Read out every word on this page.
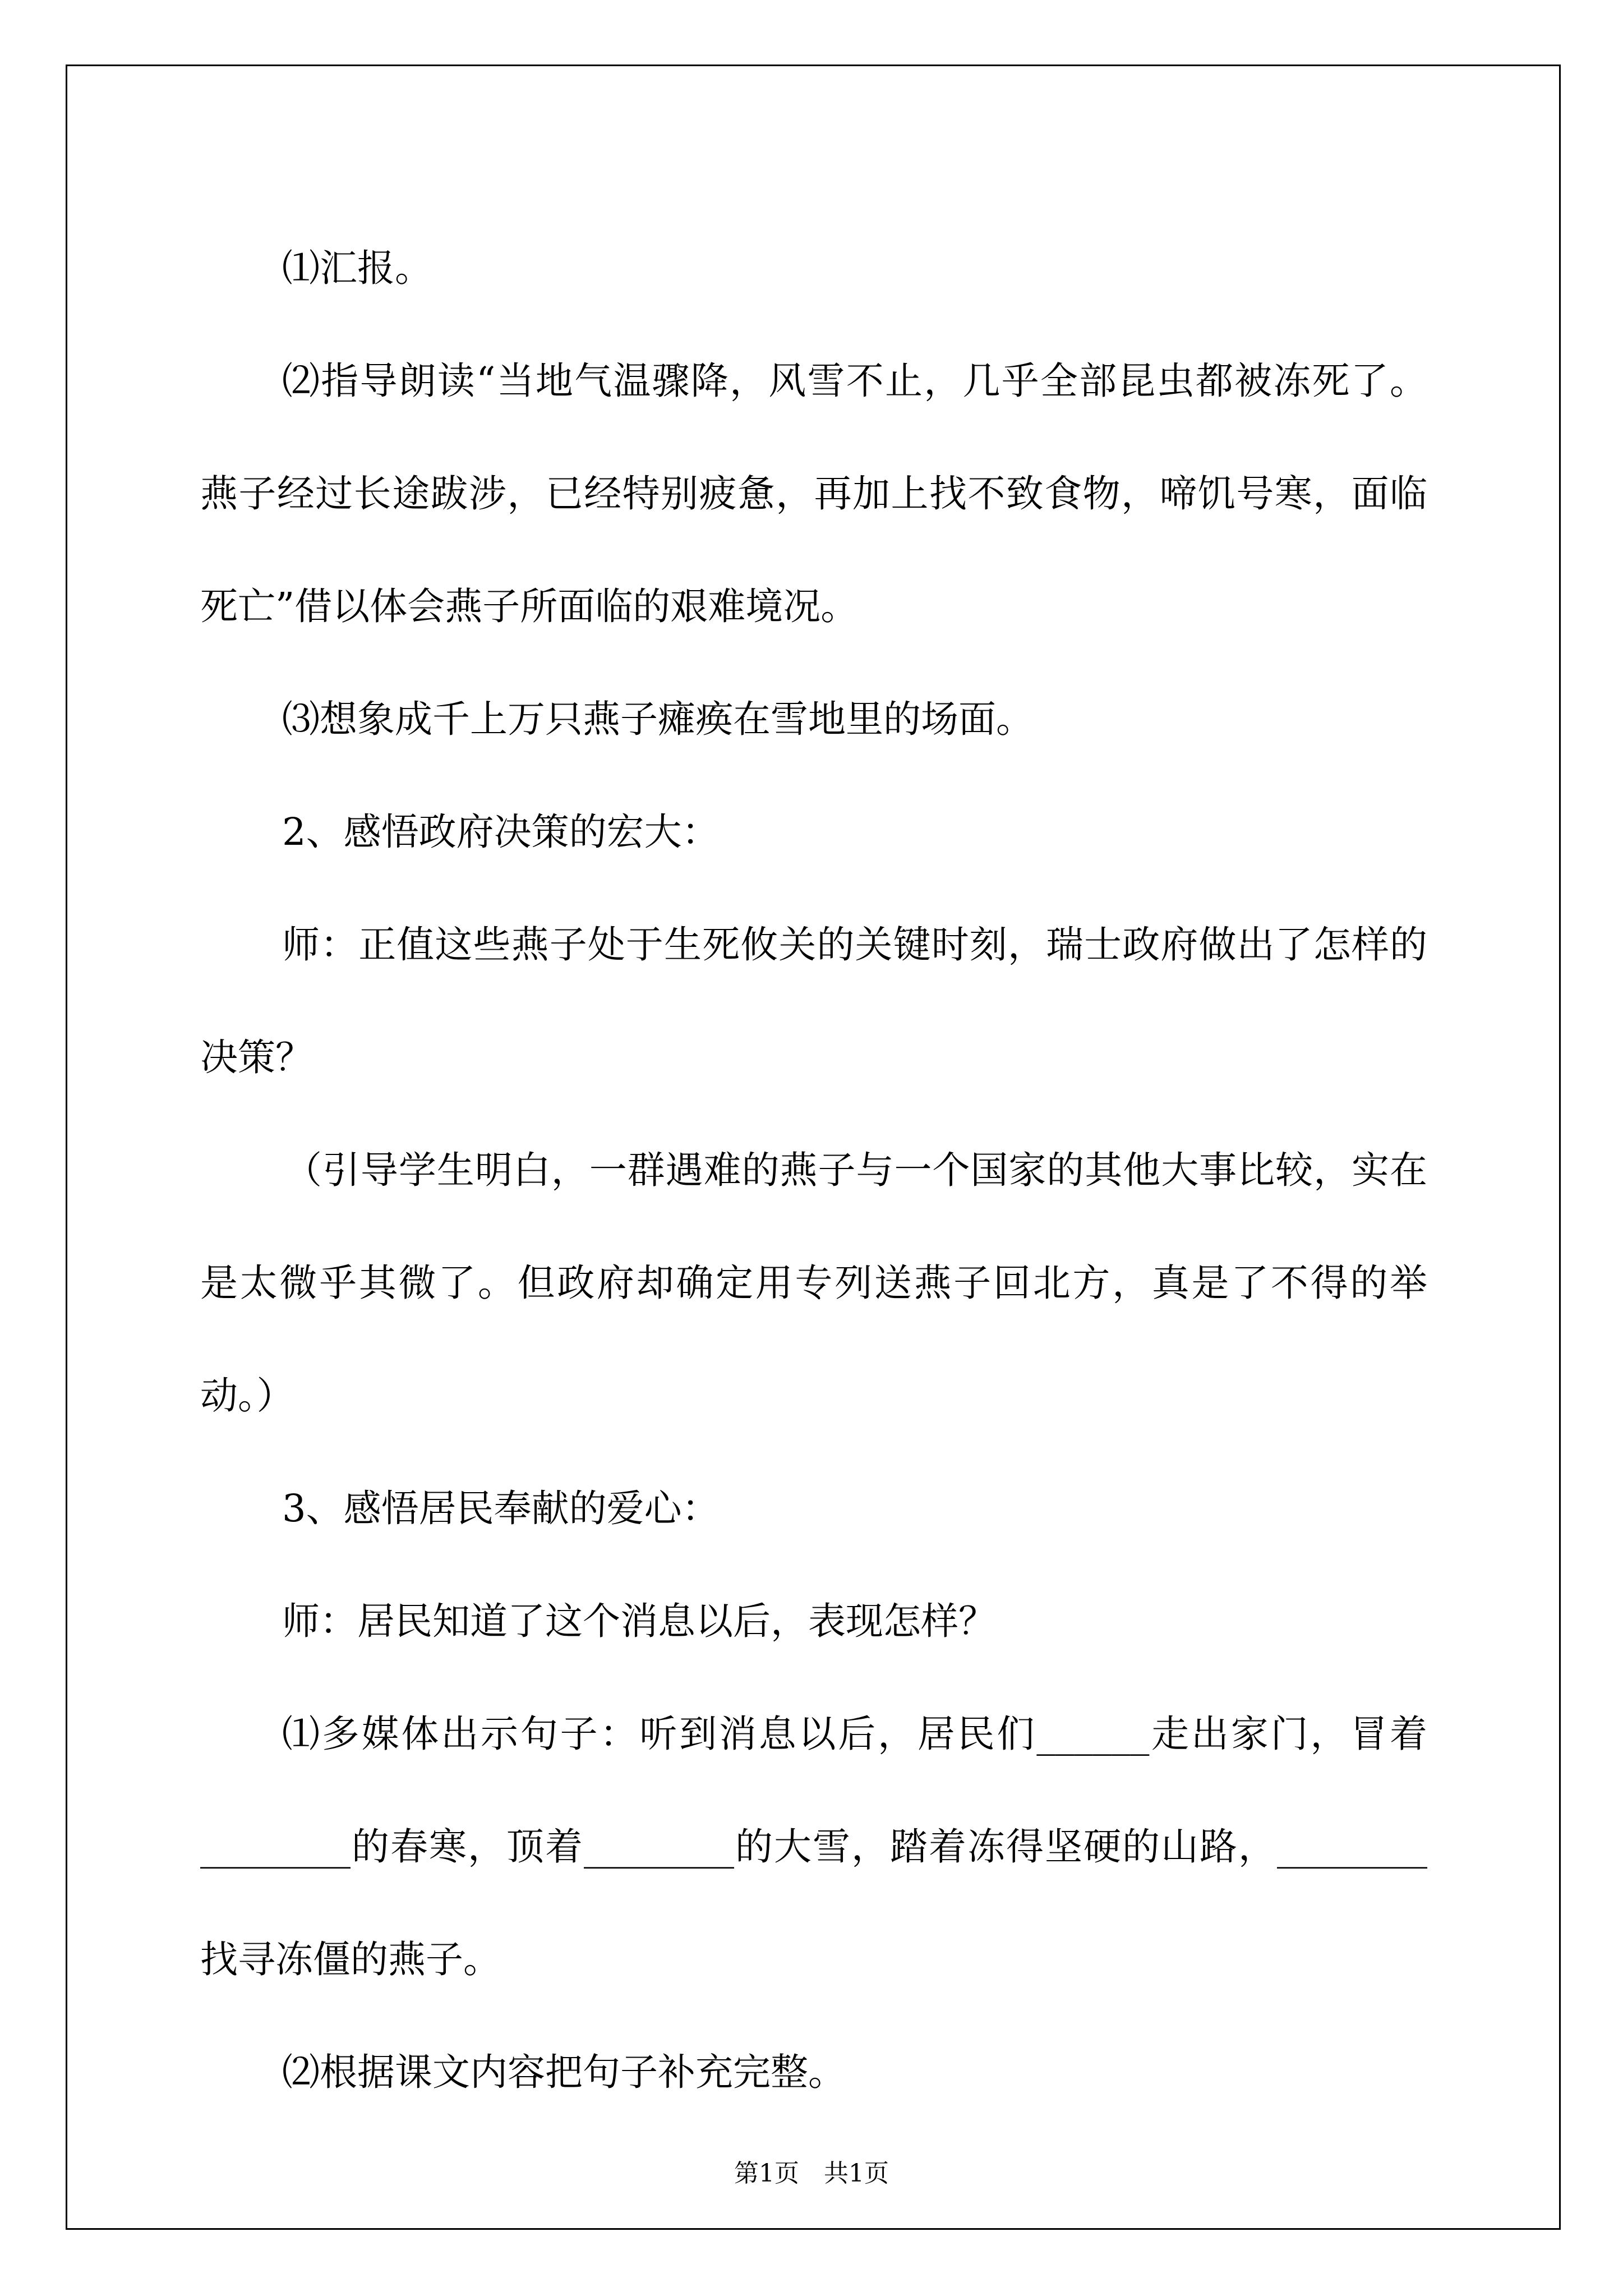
⑴汇报。

⑵指导朗读“当地气温骤降，风雪不止，几乎全部昆虫都被冻死了。燕子经过长途跋涉，已经特别疲惫，再加上找不致食物，啼饥号寒，面临死亡”借以体会燕子所面临的艰难境况。

⑶想象成千上万只燕子瘫痪在雪地里的场面。

2、感悟政府决策的宏大：

师：正值这些燕子处于生死攸关的关键时刻，瑞士政府做出了怎样的决策？

（引导学生明白，一群遇难的燕子与一个国家的其他大事比较，实在是太微乎其微了。但政府却确定用专列送燕子回北方，真是了不得的举动。）

3、感悟居民奉献的爱心：

师：居民知道了这个消息以后，表现怎样？

⑴多媒体出示句子：听到消息以后，居民们______走出家门，冒着________的春寒，顶着________的大雪，踏着冻得坚硬的山路，________找寻冻僵的燕子。

⑵根据课文内容把句子补充完整。

第1页　共1页
